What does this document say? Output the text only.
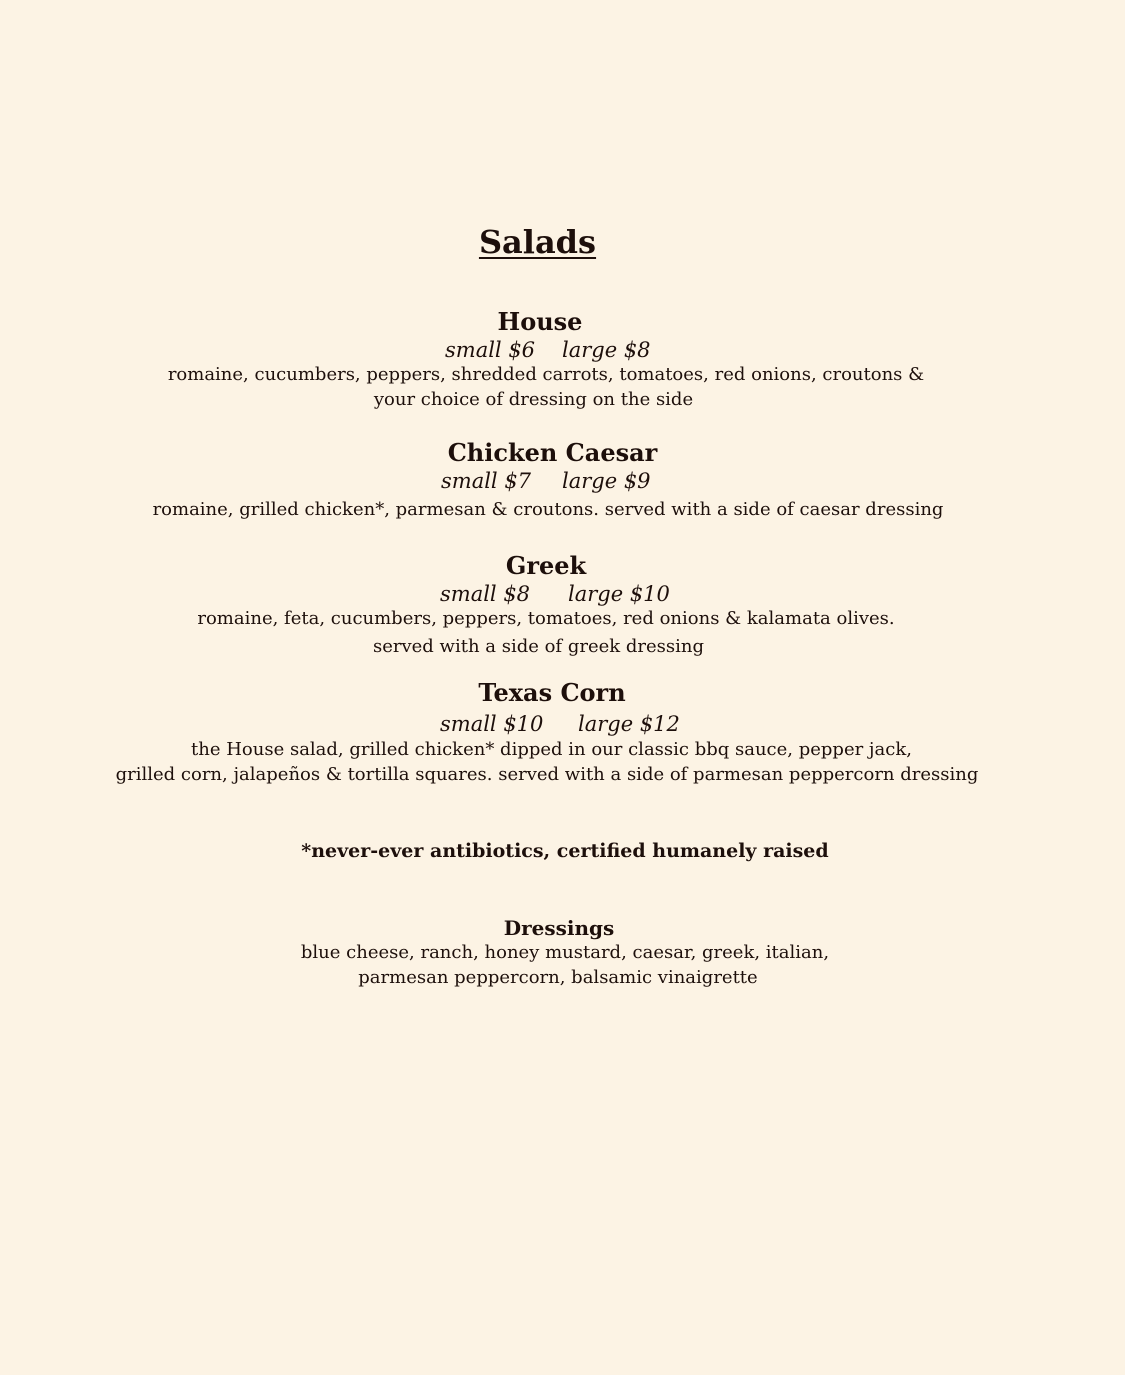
Salads
House
small $6 large $8
romaine, cucumbers, peppers, shredded carrots, tomatoes, red onions, croutons &
your choice of dressing on the side
Chicken Caesar
small $7 large $9
romaine, grilled chicken*, parmesan & croutons. served with a side of caesar dressing
Greek
small $8 large $10
romaine, feta, cucumbers, peppers, tomatoes, red onions & kalamata olives.
served with a side of greek dressing
Texas Corn
small $10 large $12
the House salad, grilled chicken* dipped in our classic bbq sauce, pepper jack,
grilled corn, jalapeños & tortilla squares. served with a side of parmesan peppercorn dressing
*never-ever antibiotics, certified humanely raised
Dressings
blue cheese, ranch, honey mustard, caesar, greek, italian,
parmesan peppercorn, balsamic vinaigrette
